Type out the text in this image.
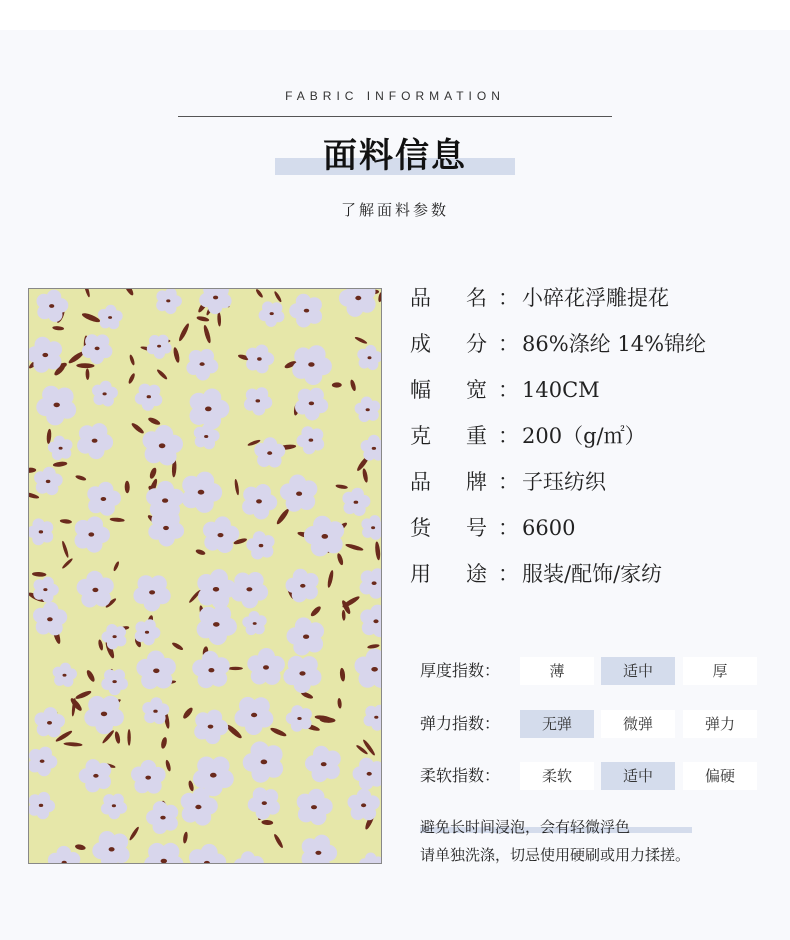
FABRIC INFORMATION
面料信息
了解面料参数
品 名 ： 小碎花浮雕提花
成 分 ： 86%涤纶 14%锦纶
幅 宽 ： 140CM
克 重 ： 200（g/㎡）
品 牌 ： 子珏纺织
货 号 ： 6600
用 途 ： 服装/配饰/家纺
厚度指数：	薄	适中	厚
弹力指数：	无弹	微弹	弹力
柔软指数：	柔软	适中	偏硬
避免长时间浸泡，会有轻微浮色
请单独洗涤，切忌使用硬刷或用力揉搓。
